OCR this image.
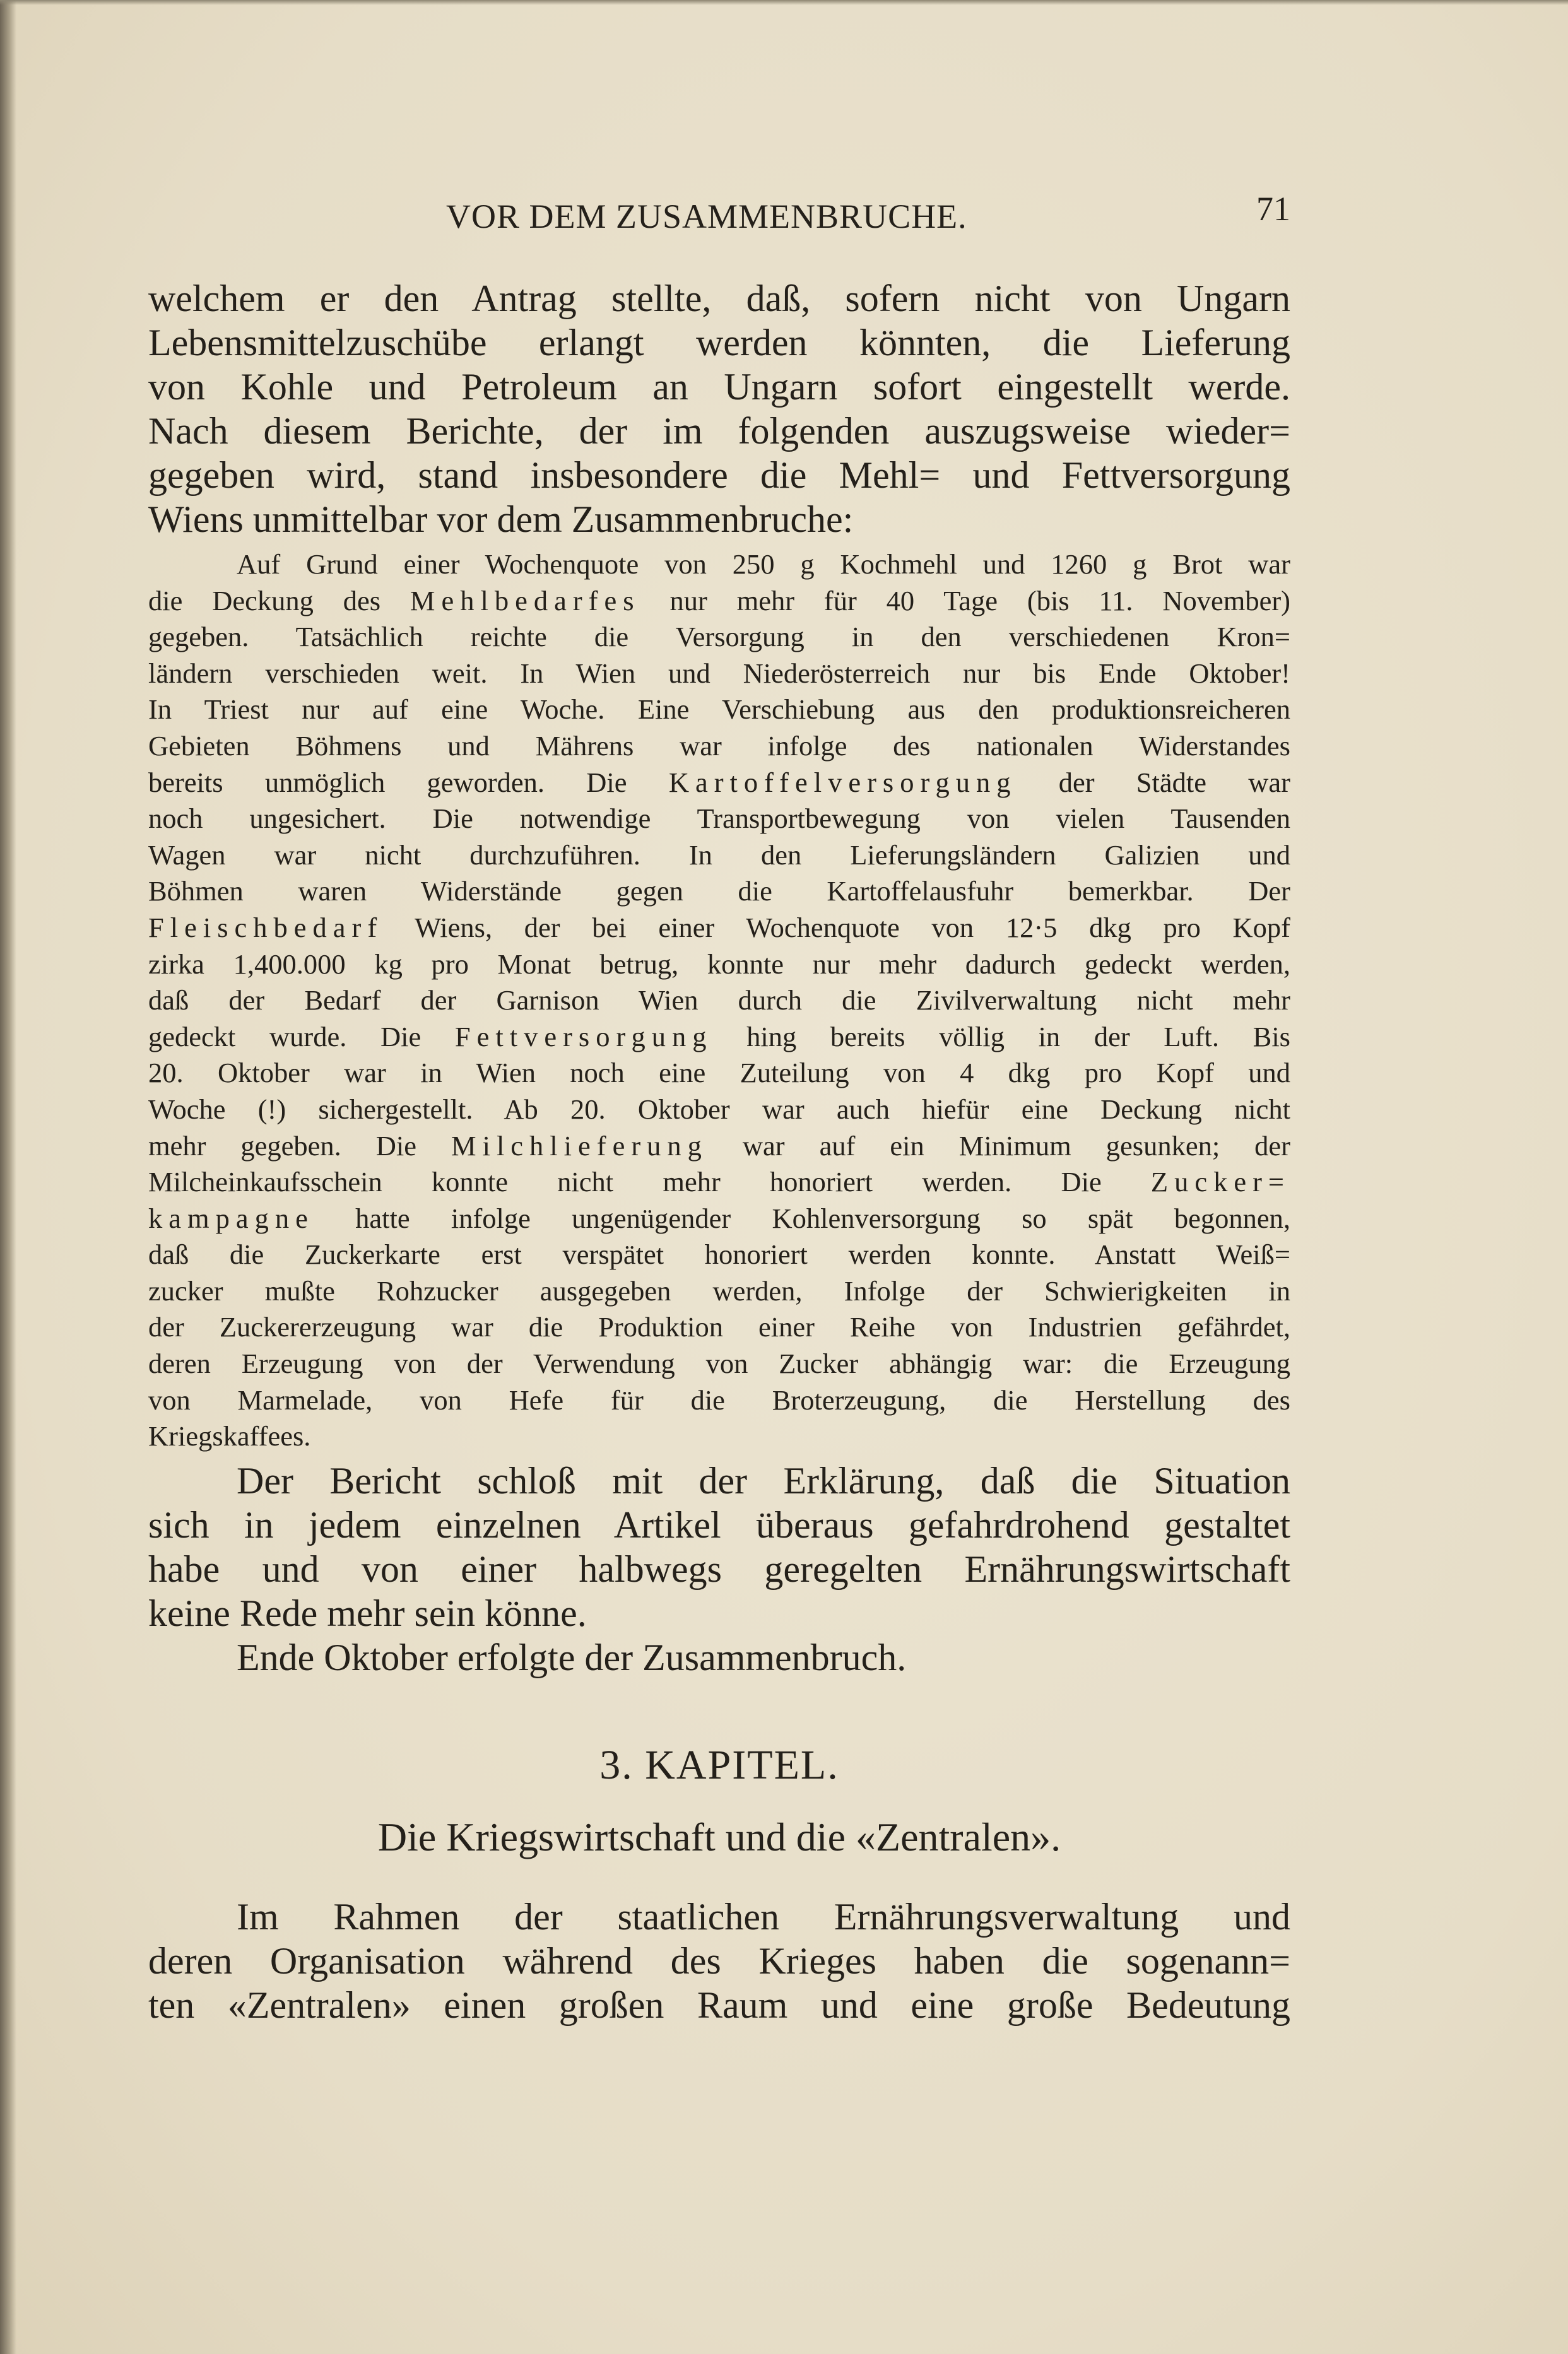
VOR DEM ZUSAMMENBRUCHE.	71
welchem er den Antrag stellte, daß, sofern nicht von Ungarn
Lebensmittelzuschübe erlangt werden könnten, die Lieferung
von Kohle und Petroleum an Ungarn sofort eingestellt werde.
Nach diesem Berichte, der im folgenden auszugsweise wieder=
gegeben wird, stand insbesondere die Mehl= und Fettversorgung
Wiens unmittelbar vor dem Zusammenbruche:
Auf Grund einer Wochenquote von 250 g Kochmehl und 1260 g Brot war
die Deckung des Mehlbedarfes nur mehr für 40 Tage (bis 11. November)
gegeben. Tatsächlich reichte die Versorgung in den verschiedenen Kron=
ländern verschieden weit. In Wien und Niederösterreich nur bis Ende Oktober!
In Triest nur auf eine Woche. Eine Verschiebung aus den produktionsreicheren
Gebieten Böhmens und Mährens war infolge des nationalen Widerstandes
bereits unmöglich geworden. Die Kartoffelversorgung der Städte war
noch ungesichert. Die notwendige Transportbewegung von vielen Tausenden
Wagen war nicht durchzuführen. In den Lieferungsländern Galizien und
Böhmen waren Widerstände gegen die Kartoffelausfuhr bemerkbar. Der
Fleischbedarf Wiens, der bei einer Wochenquote von 12·5 dkg pro Kopf
zirka 1,400.000 kg pro Monat betrug, konnte nur mehr dadurch gedeckt werden,
daß der Bedarf der Garnison Wien durch die Zivilverwaltung nicht mehr
gedeckt wurde. Die Fettversorgung hing bereits völlig in der Luft. Bis
20. Oktober war in Wien noch eine Zuteilung von 4 dkg pro Kopf und
Woche (!) sichergestellt. Ab 20. Oktober war auch hiefür eine Deckung nicht
mehr gegeben. Die Milchlieferung war auf ein Minimum gesunken; der
Milcheinkaufsschein konnte nicht mehr honoriert werden. Die Zucker=
kampagne hatte infolge ungenügender Kohlenversorgung so spät begonnen,
daß die Zuckerkarte erst verspätet honoriert werden konnte. Anstatt Weiß=
zucker mußte Rohzucker ausgegeben werden, Infolge der Schwierigkeiten in
der Zuckererzeugung war die Produktion einer Reihe von Industrien gefährdet,
deren Erzeugung von der Verwendung von Zucker abhängig war: die Erzeugung
von Marmelade, von Hefe für die Broterzeugung, die Herstellung des
Kriegskaffees.
Der Bericht schloß mit der Erklärung, daß die Situation
sich in jedem einzelnen Artikel überaus gefahrdrohend gestaltet
habe und von einer halbwegs geregelten Ernährungswirtschaft
keine Rede mehr sein könne.
Ende Oktober erfolgte der Zusammenbruch.
3. KAPITEL.
Die Kriegswirtschaft und die «Zentralen».
Im Rahmen der staatlichen Ernährungsverwaltung und
deren Organisation während des Krieges haben die sogenann=
ten «Zentralen» einen großen Raum und eine große Bedeutung
